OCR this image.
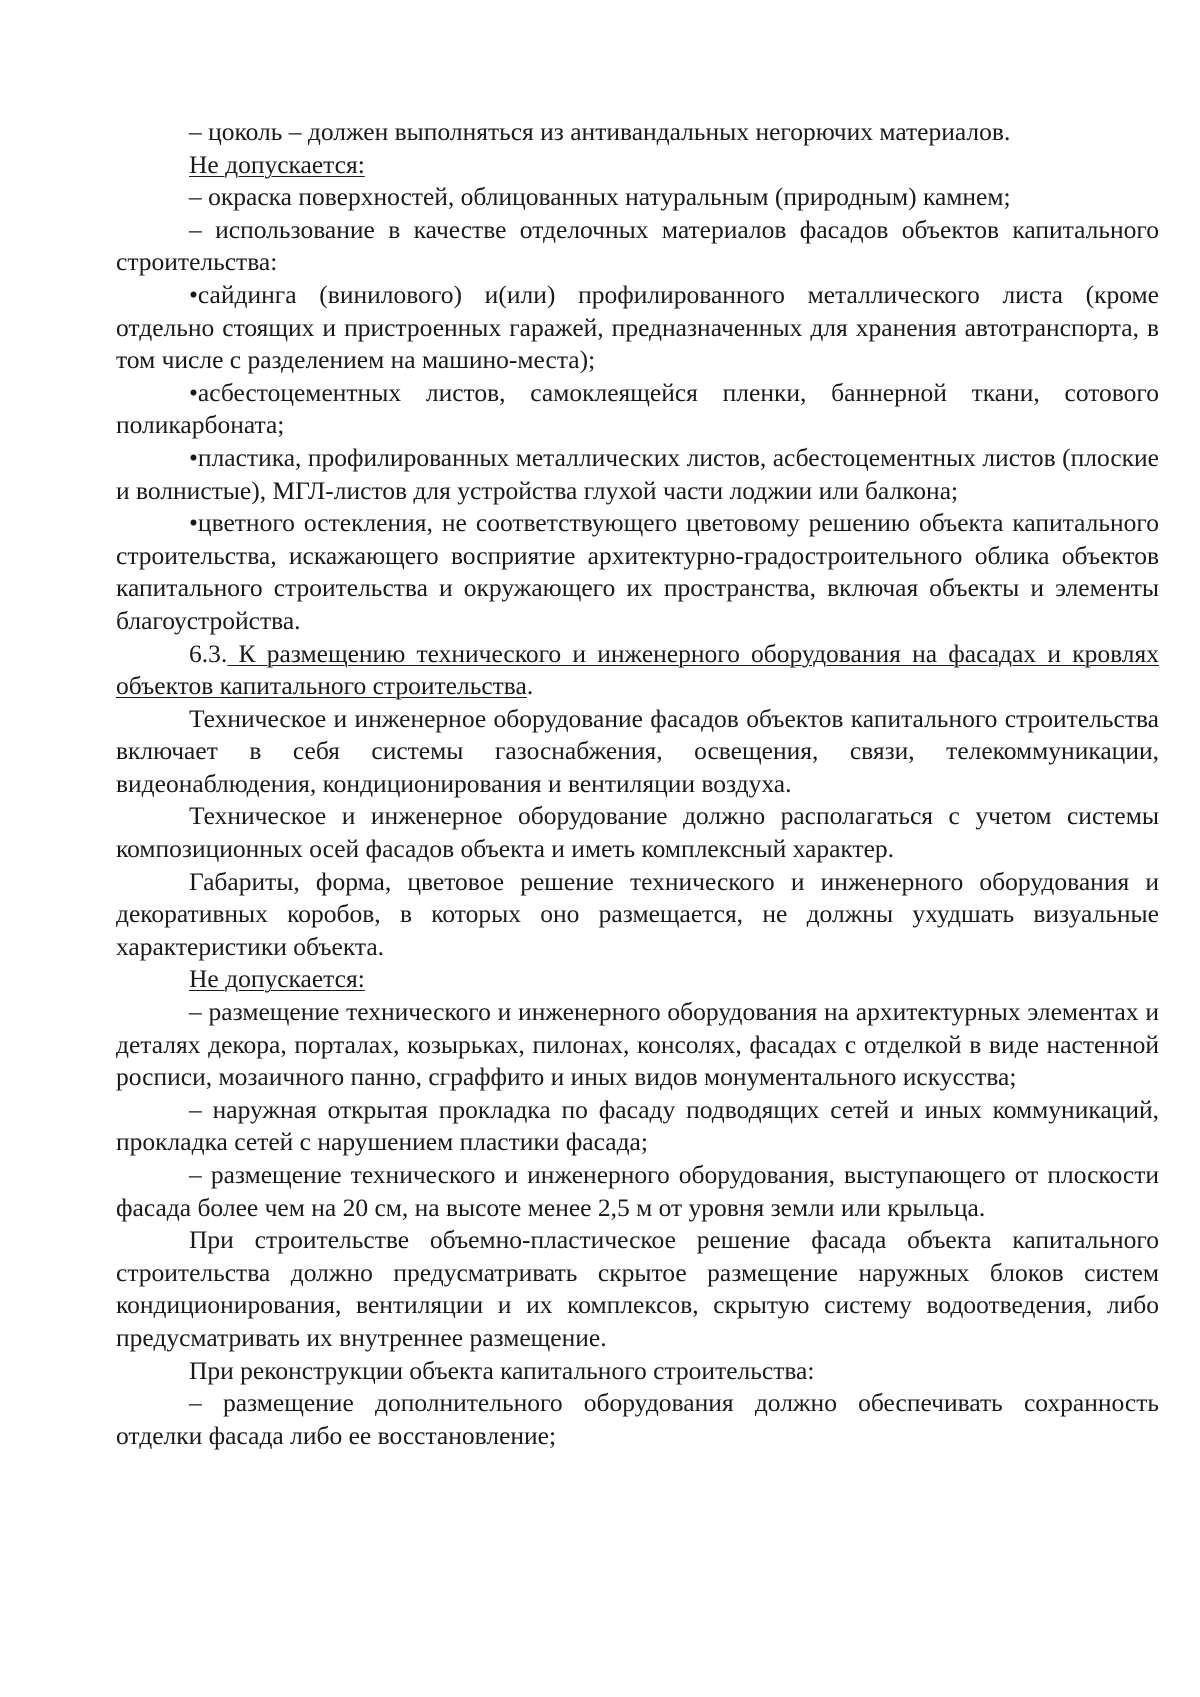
– цоколь – должен выполняться из антивандальных негорючих материалов.

Не допускается:

– окраска поверхностей, облицованных натуральным (природным) камнем;

– использование в качестве отделочных материалов фасадов объектов капитального строительства:

•сайдинга (винилового) и(или) профилированного металлического листа (кроме отдельно стоящих и пристроенных гаражей, предназначенных для хранения автотранспорта, в том числе с разделением на машино-места);

•асбестоцементных листов, самоклеящейся пленки, баннерной ткани, сотового поликарбоната;

•пластика, профилированных металлических листов, асбестоцементных листов (плоские и волнистые), МГЛ-листов для устройства глухой части лоджии или балкона;

•цветного остекления, не соответствующего цветовому решению объекта капитального строительства, искажающего восприятие архитектурно-градостроительного облика объектов капитального строительства и окружающего их пространства, включая объекты и элементы благоустройства.

6.3. К размещению технического и инженерного оборудования на фасадах и кровлях объектов капитального строительства.

Техническое и инженерное оборудование фасадов объектов капитального строительства включает в себя системы газоснабжения, освещения, связи, телекоммуникации, видеонаблюдения, кондиционирования и вентиляции воздуха.

Техническое и инженерное оборудование должно располагаться с учетом системы композиционных осей фасадов объекта и иметь комплексный характер.

Габариты, форма, цветовое решение технического и инженерного оборудования и декоративных коробов, в которых оно размещается, не должны ухудшать визуальные характеристики объекта.

Не допускается:

– размещение технического и инженерного оборудования на архитектурных элементах и деталях декора, порталах, козырьках, пилонах, консолях, фасадах с отделкой в виде настенной росписи, мозаичного панно, сграффито и иных видов монументального искусства;

– наружная открытая прокладка по фасаду подводящих сетей и иных коммуникаций, прокладка сетей с нарушением пластики фасада;

– размещение технического и инженерного оборудования, выступающего от плоскости фасада более чем на 20 см, на высоте менее 2,5 м от уровня земли или крыльца.

При строительстве объемно-пластическое решение фасада объекта капитального строительства должно предусматривать скрытое размещение наружных блоков систем кондиционирования, вентиляции и их комплексов, скрытую систему водоотведения, либо предусматривать их внутреннее размещение.

При реконструкции объекта капитального строительства:

– размещение дополнительного оборудования должно обеспечивать сохранность отделки фасада либо ее восстановление;
